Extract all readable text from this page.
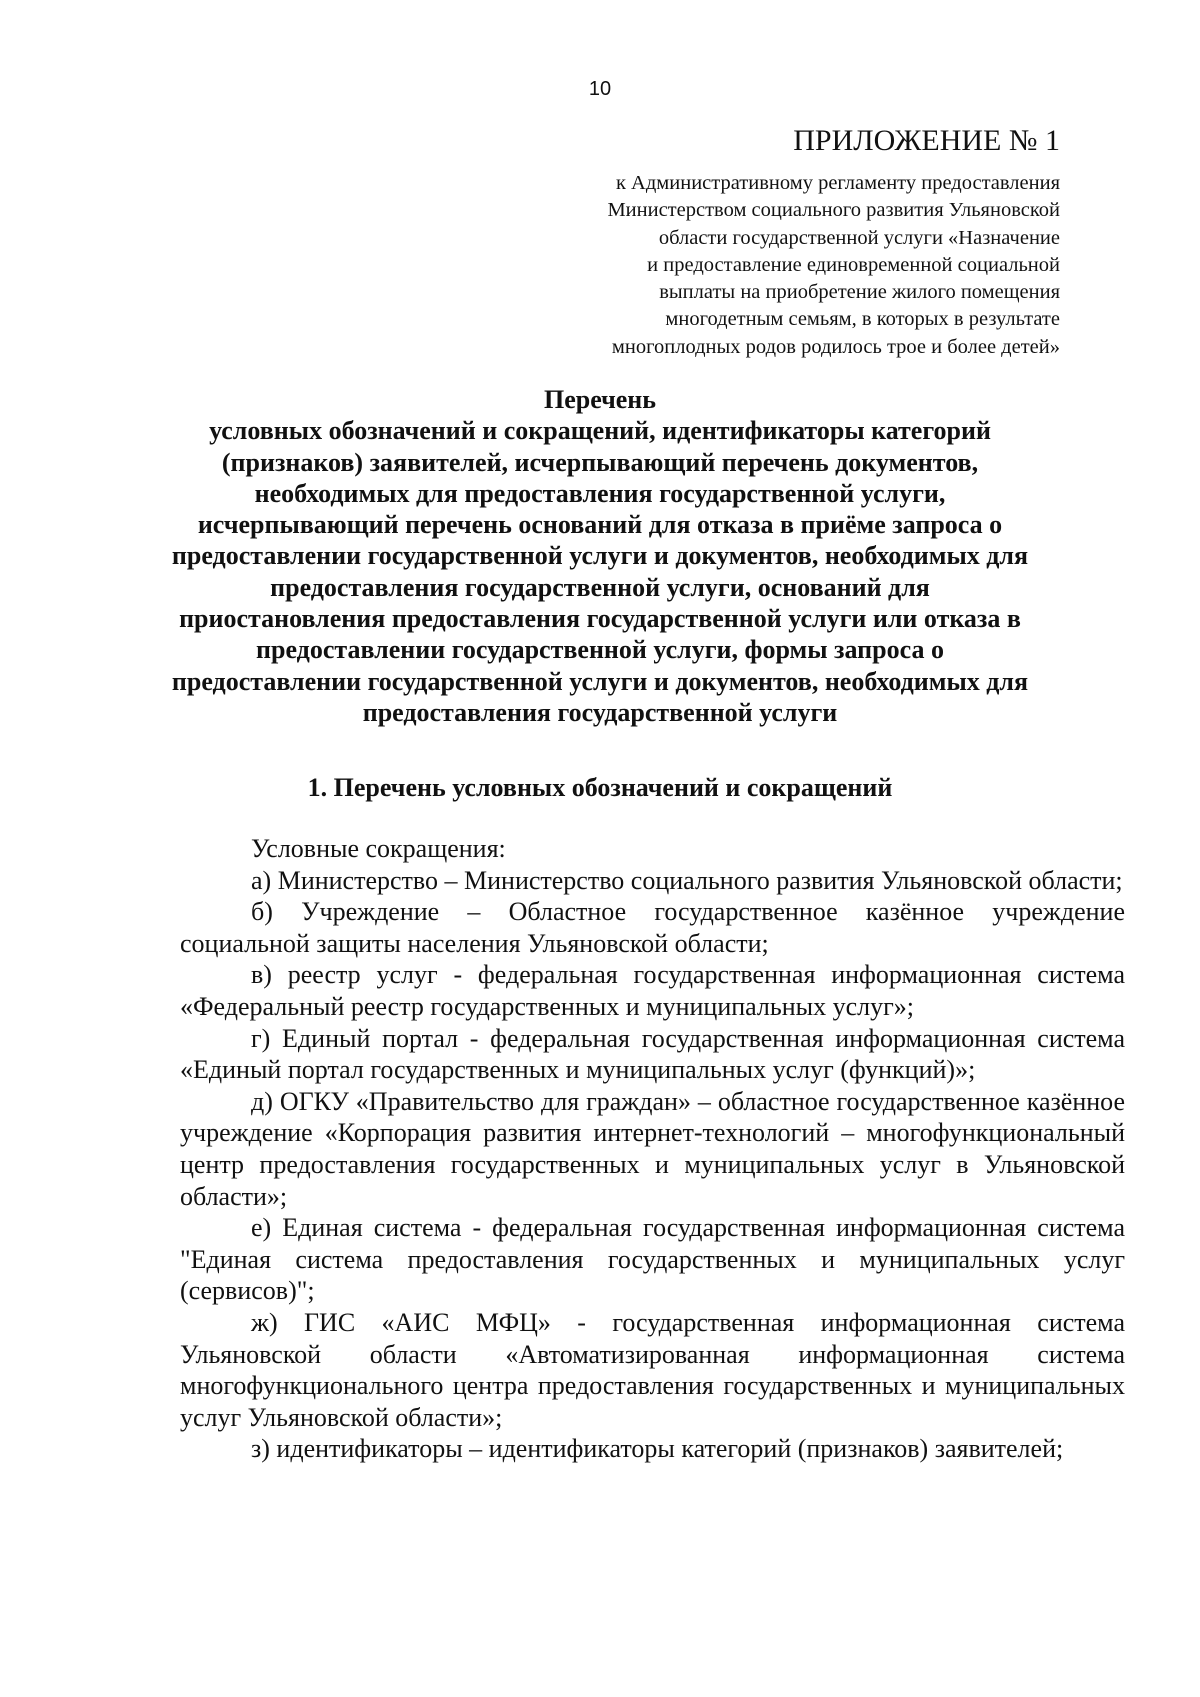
10
ПРИЛОЖЕНИЕ № 1
к Административному регламенту предоставления
Министерством социального развития Ульяновской
области государственной услуги «Назначение
и предоставление единовременной социальной
выплаты на приобретение жилого помещения
многодетным семьям, в которых в результате
многоплодных родов родилось трое и более детей»
Перечень
условных обозначений и сокращений, идентификаторы категорий
(признаков) заявителей, исчерпывающий перечень документов,
необходимых для предоставления государственной услуги,
исчерпывающий перечень оснований для отказа в приёме запроса о
предоставлении государственной услуги и документов, необходимых для
предоставления государственной услуги, оснований для
приостановления предоставления государственной услуги или отказа в
предоставлении государственной услуги, формы запроса о
предоставлении государственной услуги и документов, необходимых для
предоставления государственной услуги
1. Перечень условных обозначений и сокращений

Условные сокращения:

а) Министерство – Министерство социального развития Ульяновской области;

б) Учреждение – Областное государственное казённое учреждение социальной защиты населения Ульяновской области;

в) реестр услуг - федеральная государственная информационная система «Федеральный реестр государственных и муниципальных услуг»;

г) Единый портал - федеральная государственная информационная система «Единый портал государственных и муниципальных услуг (функций)»;

д) ОГКУ «Правительство для граждан» – областное государственное казённое учреждение «Корпорация развития интернет-технологий – многофункциональный центр предоставления государственных и муниципальных услуг в Ульяновской области»;

е) Единая система - федеральная государственная информационная система "Единая система предоставления государственных и муниципальных услуг (сервисов)";

ж) ГИС «АИС МФЦ» - государственная информационная система Ульяновской области «Автоматизированная информационная система многофункционального центра предоставления государственных и муниципальных услуг Ульяновской области»;

з) идентификаторы – идентификаторы категорий (признаков) заявителей;
